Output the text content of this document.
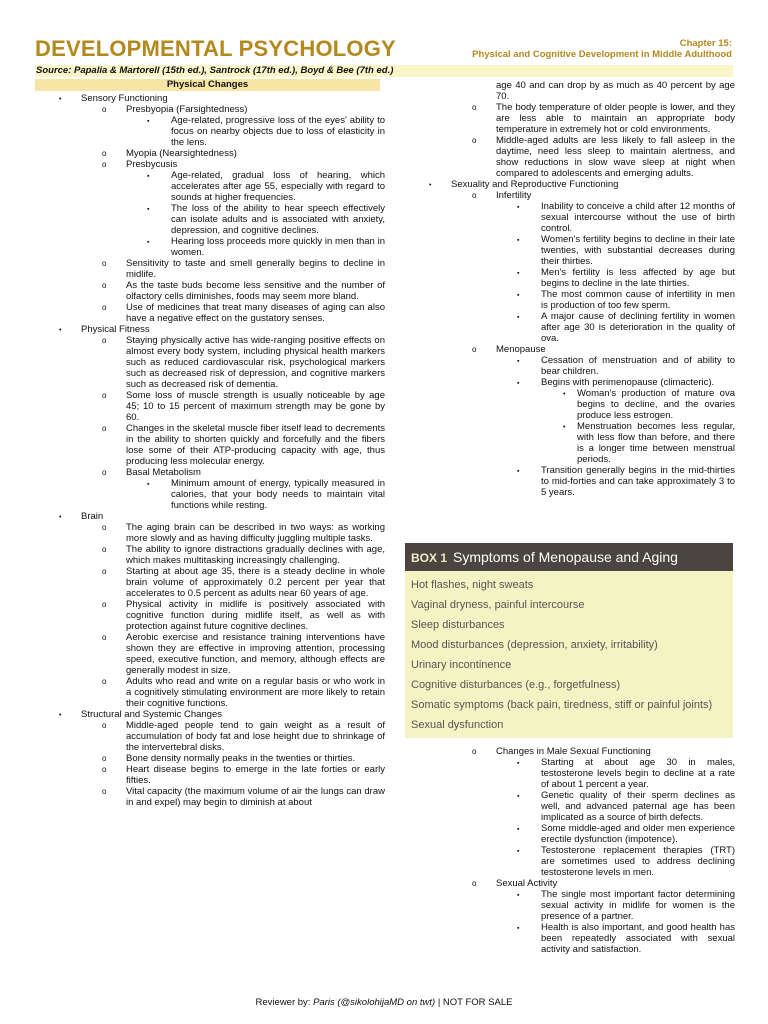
DEVELOPMENTAL PSYCHOLOGY	Chapter 15:
Physical and Cognitive Development in Middle Adulthood
Source: Papalia & Martorell (15th ed.), Santrock (17th ed.), Boyd & Bee (7th ed.)
Physical Changes
• Sensory Functioning
o Presbyopia (Farsightedness)
▪ Age-related, progressive loss of the eyes' ability to focus on nearby objects due to loss of elasticity in the lens.
o Myopia (Nearsightedness)
o Presbycusis
▪ Age-related, gradual loss of hearing, which accelerates after age 55, especially with regard to sounds at higher frequencies.
▪ The loss of the ability to hear speech effectively can isolate adults and is associated with anxiety, depression, and cognitive declines.
▪ Hearing loss proceeds more quickly in men than in women.
o Sensitivity to taste and smell generally begins to decline in midlife.
o As the taste buds become less sensitive and the number of olfactory cells diminishes, foods may seem more bland.
o Use of medicines that treat many diseases of aging can also have a negative effect on the gustatory senses.
• Physical Fitness
o Staying physically active has wide-ranging positive effects on almost every body system, including physical health markers such as reduced cardiovascular risk, psychological markers such as decreased risk of depression, and cognitive markers such as decreased risk of dementia.
o Some loss of muscle strength is usually noticeable by age 45; 10 to 15 percent of maximum strength may be gone by 60.
o Changes in the skeletal muscle fiber itself lead to decrements in the ability to shorten quickly and forcefully and the fibers lose some of their ATP-producing capacity with age, thus producing less molecular energy.
o Basal Metabolism
▪ Minimum amount of energy, typically measured in calories, that your body needs to maintain vital functions while resting.
• Brain
o The aging brain can be described in two ways: as working more slowly and as having difficulty juggling multiple tasks.
o The ability to ignore distractions gradually declines with age, which makes multitasking increasingly challenging.
o Starting at about age 35, there is a steady decline in whole brain volume of approximately 0.2 percent per year that accelerates to 0.5 percent as adults near 60 years of age.
o Physical activity in midlife is positively associated with cognitive function during midlife itself, as well as with protection against future cognitive declines.
o Aerobic exercise and resistance training interventions have shown they are effective in improving attention, processing speed, executive function, and memory, although effects are generally modest in size.
o Adults who read and write on a regular basis or who work in a cognitively stimulating environment are more likely to retain their cognitive functions.
• Structural and Systemic Changes
o Middle-aged people tend to gain weight as a result of accumulation of body fat and lose height due to shrinkage of the intervertebral disks.
o Bone density normally peaks in the twenties or thirties.
o Heart disease begins to emerge in the late forties or early fifties.
o Vital capacity (the maximum volume of air the lungs can draw in and expel) may begin to diminish at about
age 40 and can drop by as much as 40 percent by age 70.
o The body temperature of older people is lower, and they are less able to maintain an appropriate body temperature in extremely hot or cold environments.
o Middle-aged adults are less likely to fall asleep in the daytime, need less sleep to maintain alertness, and show reductions in slow wave sleep at night when compared to adolescents and emerging adults.
• Sexuality and Reproductive Functioning
o Infertility
▪ Inability to conceive a child after 12 months of sexual intercourse without the use of birth control.
▪ Women's fertility begins to decline in their late twenties, with substantial decreases during their thirties.
▪ Men's fertility is less affected by age but begins to decline in the late thirties.
▪ The most common cause of infertility in men is production of too few sperm.
▪ A major cause of declining fertility in women after age 30 is deterioration in the quality of ova.
o Menopause
▪ Cessation of menstruation and of ability to bear children.
▪ Begins with perimenopause (climacteric).
• Woman's production of mature ova begins to decline, and the ovaries produce less estrogen.
• Menstruation becomes less regular, with less flow than before, and there is a longer time between menstrual periods.
▪ Transition generally begins in the mid-thirties to mid-forties and can take approximately 3 to 5 years.
BOX 1 Symptoms of Menopause and Aging
Hot flashes, night sweats
Vaginal dryness, painful intercourse
Sleep disturbances
Mood disturbances (depression, anxiety, irritability)
Urinary incontinence
Cognitive disturbances (e.g., forgetfulness)
Somatic symptoms (back pain, tiredness, stiff or painful joints)
Sexual dysfunction
o Changes in Male Sexual Functioning
▪ Starting at about age 30 in males, testosterone levels begin to decline at a rate of about 1 percent a year.
▪ Genetic quality of their sperm declines as well, and advanced paternal age has been implicated as a source of birth defects.
▪ Some middle-aged and older men experience erectile dysfunction (impotence).
▪ Testosterone replacement therapies (TRT) are sometimes used to address declining testosterone levels in men.
o Sexual Activity
▪ The single most important factor determining sexual activity in midlife for women is the presence of a partner.
▪ Health is also important, and good health has been repeatedly associated with sexual activity and satisfaction.
Reviewer by: Paris (@sikolohijaMD on twt) | NOT FOR SALE
